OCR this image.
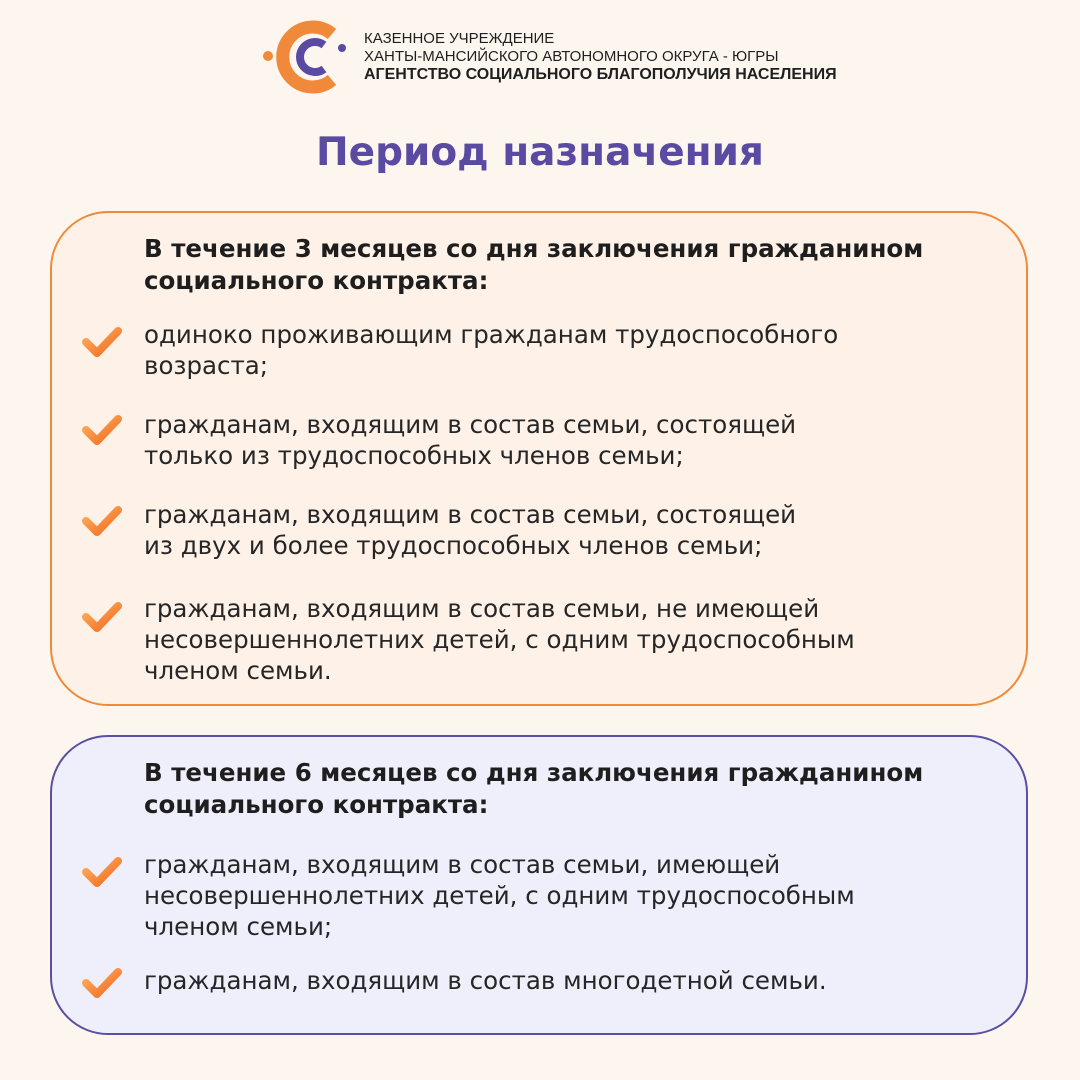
КАЗЕННОЕ УЧРЕЖДЕНИЕ
ХАНТЫ-МАНСИЙСКОГО АВТОНОМНОГО ОКРУГА - ЮГРЫ
АГЕНТСТВО СОЦИАЛЬНОГО БЛАГОПОЛУЧИЯ НАСЕЛЕНИЯ
Период назначения
В течение 3 месяцев со дня заключения гражданином
социального контракта:
одиноко проживающим гражданам трудоспособного
возраста;
гражданам, входящим в состав семьи, состоящей
только из трудоспособных членов семьи;
гражданам, входящим в состав семьи, состоящей
из двух и более трудоспособных членов семьи;
гражданам, входящим в состав семьи, не имеющей
несовершеннолетних детей, с одним трудоспособным
членом семьи.
В течение 6 месяцев со дня заключения гражданином
социального контракта:
гражданам, входящим в состав семьи, имеющей
несовершеннолетних детей, с одним трудоспособным
членом семьи;
гражданам, входящим в состав многодетной семьи.
